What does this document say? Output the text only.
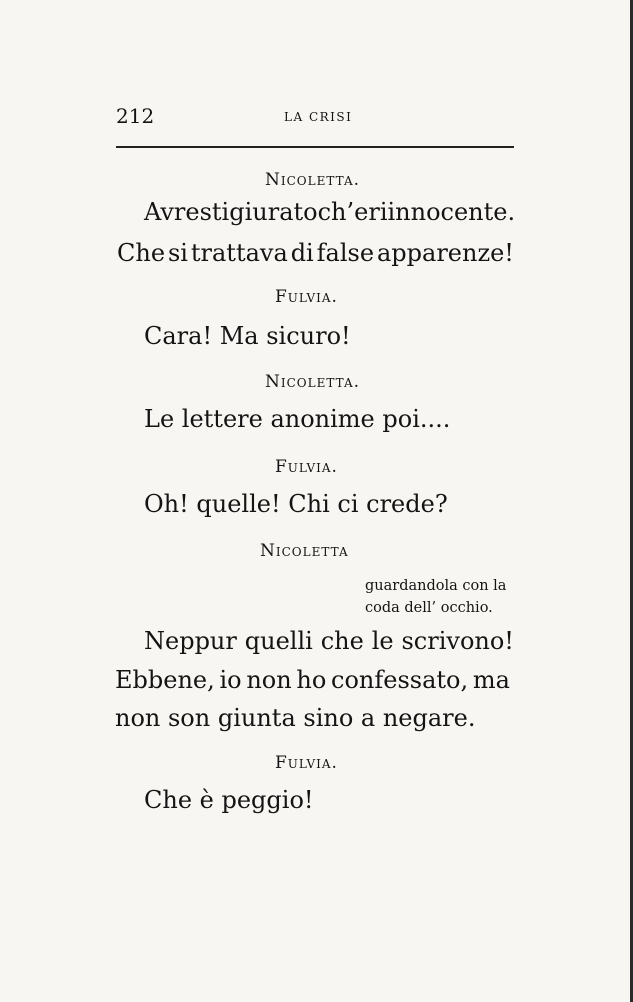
212	LA CRISI
Nicoletta.
Avresti giurato ch’eri innocente.
Che si trattava di false apparenze!
Fulvia.
Cara! Ma sicuro!
Nicoletta.
Le lettere anonime poi....
Fulvia.
Oh! quelle! Chi ci crede?
Nicoletta
guardandola con la coda dell’ occhio.
Neppur quelli che le scrivono!
Ebbene, io non ho confessato, ma
non son giunta sino a negare.
Fulvia.
Che è peggio!
